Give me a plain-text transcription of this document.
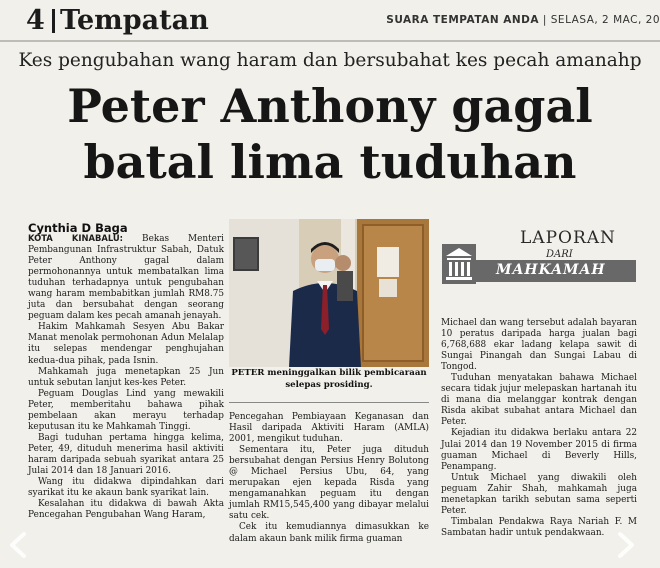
4 Tempatan	SUARA TEMPATAN ANDA | SELASA, 2 MAC, 20
Kes pengubahan wang haram dan bersubahat kes pecah amanahp
Peter Anthony gagal
batal lima tuduhan
Cynthia D Baga

KOTA KINABALU: Bekas Menteri Pembangunan Infrastruktur Sabah, Datuk Peter Anthony gagal dalam permohonannya untuk membatalkan lima tuduhan terhadapnya untuk pengubahan wang haram membabitkan jumlah RM8.75 juta dan bersubahat dengan seorang peguam dalam kes pecah amanah jenayah.

Hakim Mahkamah Sesyen Abu Bakar Manat menolak permohonan Adun Melalap itu selepas mendengar penghujahan kedua-dua pihak, pada Isnin.

Mahkamah juga menetapkan 25 Jun untuk sebutan lanjut kes-kes Peter.

Peguam Douglas Lind yang mewakili Peter, memberitahu bahawa pihak pembelaan akan merayu terhadap keputusan itu ke Mahkamah Tinggi.

Bagi tuduhan pertama hingga kelima, Peter, 49, dituduh menerima hasil aktiviti haram daripada sebuah syarikat antara 25 Julai 2014 dan 18 Januari 2016.

Wang itu didakwa dipindahkan dari syarikat itu ke akaun bank syarikat lain.

Kesalahan itu didakwa di bawah Akta Pencegahan Pengubahan Wang Haram,

PETER meninggalkan bilik pembicaraan selepas prosiding.

Pencegahan Pembiayaan Keganasan dan Hasil daripada Aktiviti Haram (AMLA) 2001, mengikut tuduhan.

Sementara itu, Peter juga dituduh bersubahat dengan Persius Henry Bolutong @ Michael Persius Ubu, 64, yang merupakan ejen kepada Risda yang mengamanahkan peguam itu dengan jumlah RM15,545,400 yang dibayar melalui satu cek.

Cek itu kemudiannya dimasukkan ke dalam akaun bank milik firma guaman

LAPORAN
DARI
MAHKAMAH

Michael dan wang tersebut adalah bayaran 10 peratus daripada harga jualan bagi 6,768,688 ekar ladang kelapa sawit di Sungai Pinangah dan Sungai Labau di Tongod.

Tuduhan menyatakan bahawa Michael secara tidak jujur melepaskan hartanah itu di mana dia melanggar kontrak dengan Risda akibat subahat antara Michael dan Peter.

Kejadian itu didakwa berlaku antara 22 Julai 2014 dan 19 November 2015 di firma guaman Michael di Beverly Hills, Penampang.

Untuk Michael yang diwakili oleh peguam Zahir Shah, mahkamah juga menetapkan tarikh sebutan sama seperti Peter.

Timbalan Pendakwa Raya Nariah F. M Sambatan hadir untuk pendakwaan.
